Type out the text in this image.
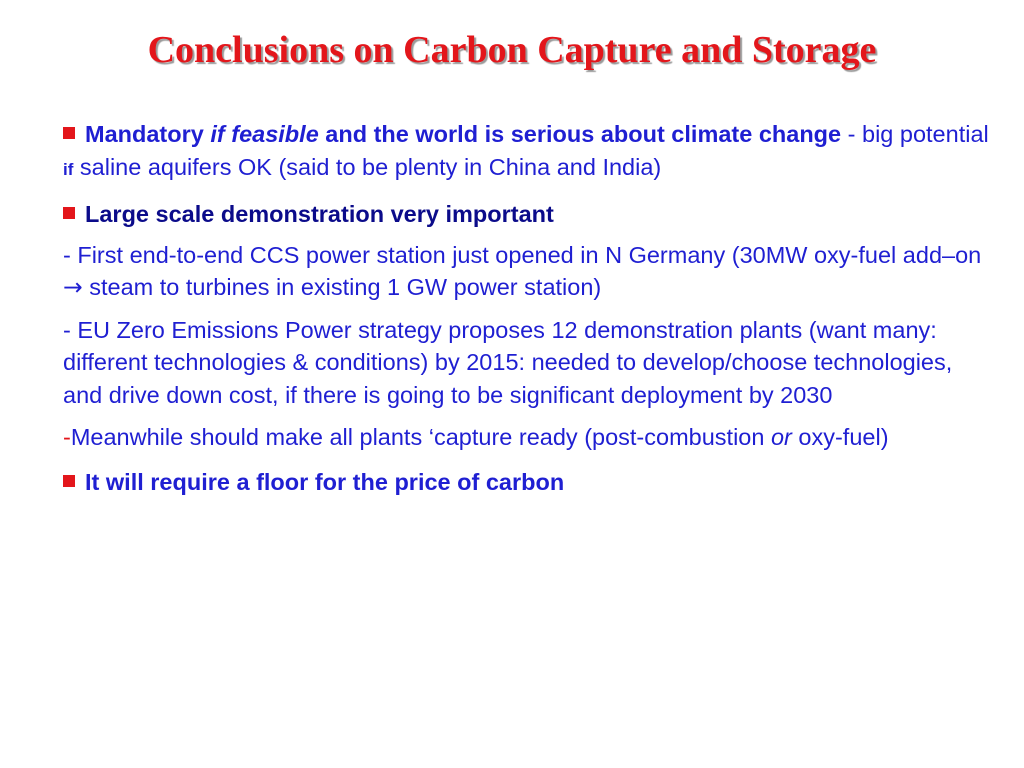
Conclusions on Carbon Capture and Storage

Mandatory if feasible and the world is serious about climate change - big potential if saline aquifers OK (said to be plenty in China and India)

Large scale demonstration very important

- First end-to-end CCS power station just opened in N Germany (30MW oxy-fuel add–on → steam to turbines in existing 1 GW power station)

- EU Zero Emissions Power strategy proposes 12 demonstration plants (want many: different technologies & conditions) by 2015: needed to develop/choose technologies, and drive down cost, if there is going to be significant deployment by 2030

-Meanwhile should make all plants ‘capture ready (post-combustion or oxy-fuel)

It will require a floor for the price of carbon
